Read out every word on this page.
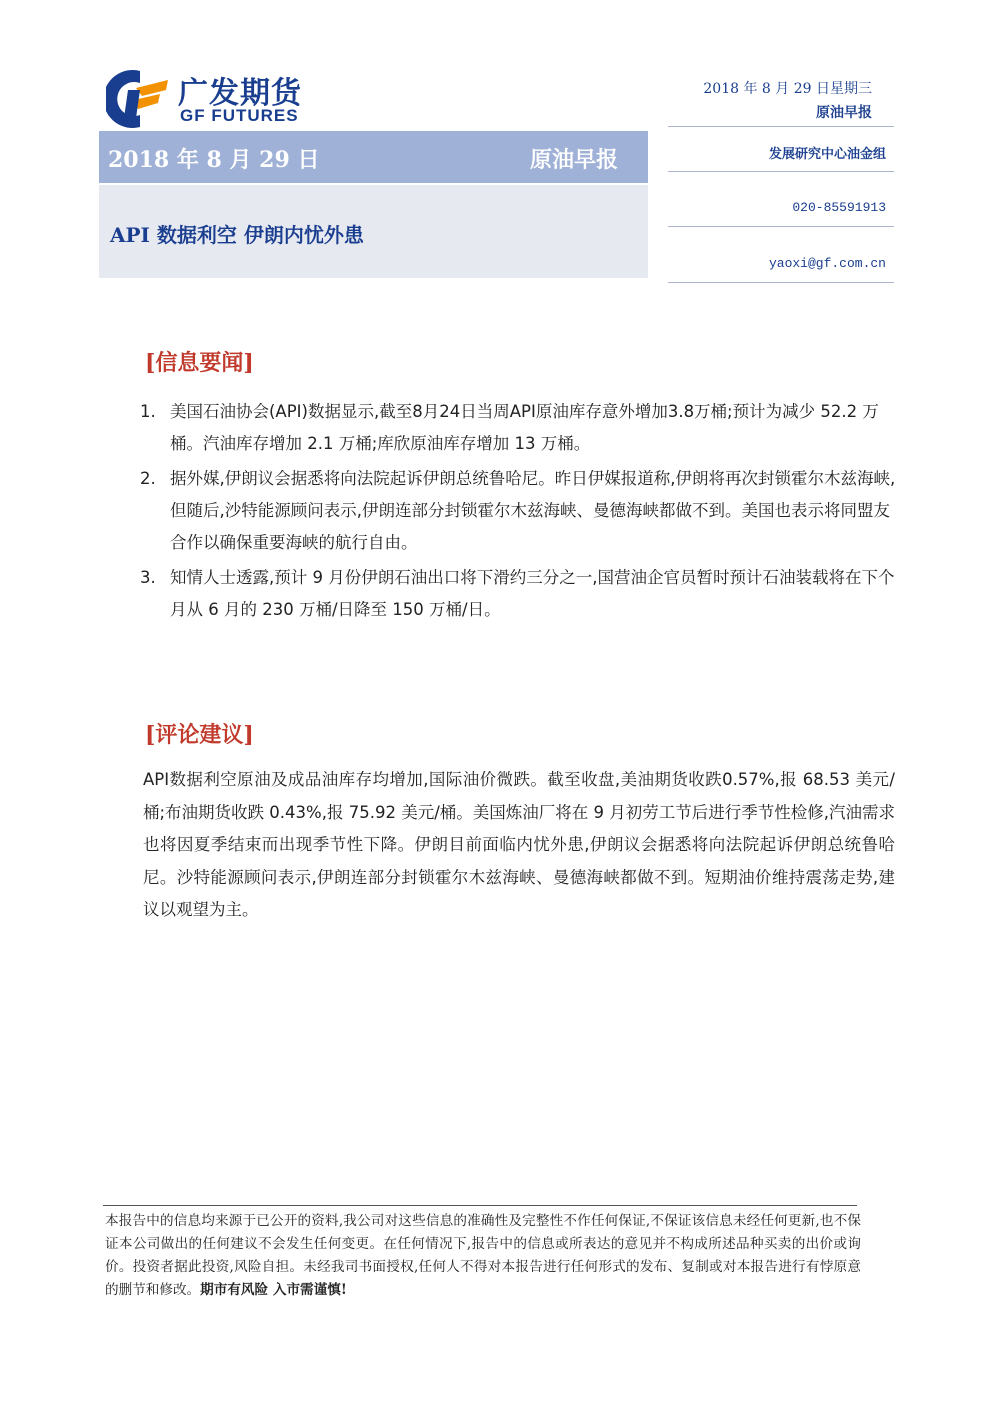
广发期货
GF FUTURES
2018 年 8 月 29 日星期三
原油早报
2018 年 8 月 29 日	原油早报
API 数据利空 伊朗内忧外患
发展研究中心油金组
020-85591913
yaoxi@gf.com.cn
[信息要闻]
1. 美国石油协会(API)数据显示,截至8月24日当周API原油库存意外增加3.8万桶;预计为减少 52.2 万桶。汽油库存增加 2.1 万桶;库欣原油库存增加 13 万桶。
2. 据外媒,伊朗议会据悉将向法院起诉伊朗总统鲁哈尼。昨日伊媒报道称,伊朗将再次封锁霍尔木兹海峡,但随后,沙特能源顾问表示,伊朗连部分封锁霍尔木兹海峡、曼德海峡都做不到。美国也表示将同盟友合作以确保重要海峡的航行自由。
3. 知情人士透露,预计 9 月份伊朗石油出口将下滑约三分之一,国营油企官员暂时预计石油装载将在下个月从 6 月的 230 万桶/日降至 150 万桶/日。
[评论建议]
API数据利空原油及成品油库存均增加,国际油价微跌。截至收盘,美油期货收跌0.57%,报 68.53 美元/桶;布油期货收跌 0.43%,报 75.92 美元/桶。美国炼油厂将在 9 月初劳工节后进行季节性检修,汽油需求也将因夏季结束而出现季节性下降。伊朗目前面临内忧外患,伊朗议会据悉将向法院起诉伊朗总统鲁哈尼。沙特能源顾问表示,伊朗连部分封锁霍尔木兹海峡、曼德海峡都做不到。短期油价维持震荡走势,建议以观望为主。
本报告中的信息均来源于已公开的资料,我公司对这些信息的准确性及完整性不作任何保证,不保证该信息未经任何更新,也不保证本公司做出的任何建议不会发生任何变更。在任何情况下,报告中的信息或所表达的意见并不构成所述品种买卖的出价或询价。投资者据此投资,风险自担。未经我司书面授权,任何人不得对本报告进行任何形式的发布、复制或对本报告进行有悖原意的删节和修改。期市有风险 入市需谨慎!
